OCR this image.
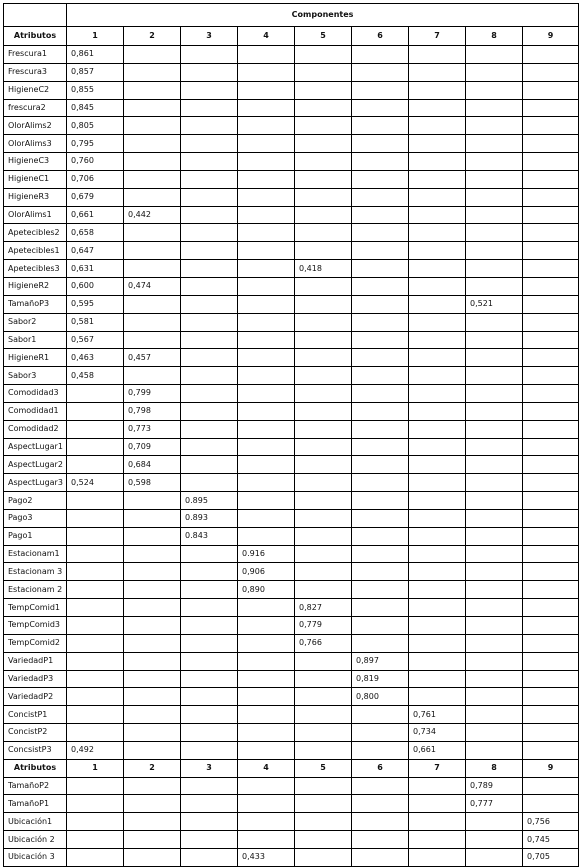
	Componentes								
Atributos	1	2	3	4	5	6	7	8	9
Frescura1	0,861								
Frescura3	0,857								
HigieneC2	0,855								
frescura2	0,845								
OlorAlims2	0,805								
OlorAlims3	0,795								
HigieneC3	0,760								
HigieneC1	0,706								
HigieneR3	0,679								
OlorAlims1	0,661	0,442							
Apetecibles2	0,658								
Apetecibles1	0,647								
Apetecibles3	0,631				0,418				
HigieneR2	0,600	0,474							
TamañoP3	0,595							0,521	
Sabor2	0,581								
Sabor1	0,567								
HigieneR1	0,463	0,457							
Sabor3	0,458								
Comodidad3		0,799							
Comodidad1		0,798							
Comodidad2		0,773							
AspectLugar1		0,709							
AspectLugar2		0,684							
AspectLugar3	0,524	0,598							
Pago2			0.895						
Pago3			0.893						
Pago1			0.843						
Estacionam1				0.916					
Estacionam 3				0,906					
Estacionam 2				0,890					
TempComid1					0,827				
TempComid3					0,779				
TempComid2					0,766				
VariedadP1						0,897			
VariedadP3						0,819			
VariedadP2						0,800			
ConcistP1							0,761		
ConcistP2							0,734		
ConcsistP3	0,492						0,661		
Atributos	1	2	3	4	5	6	7	8	9
TamañoP2								0,789	
TamañoP1								0,777	
Ubicación1									0,756
Ubicación 2									0,745
Ubicación 3				0,433					0,705
